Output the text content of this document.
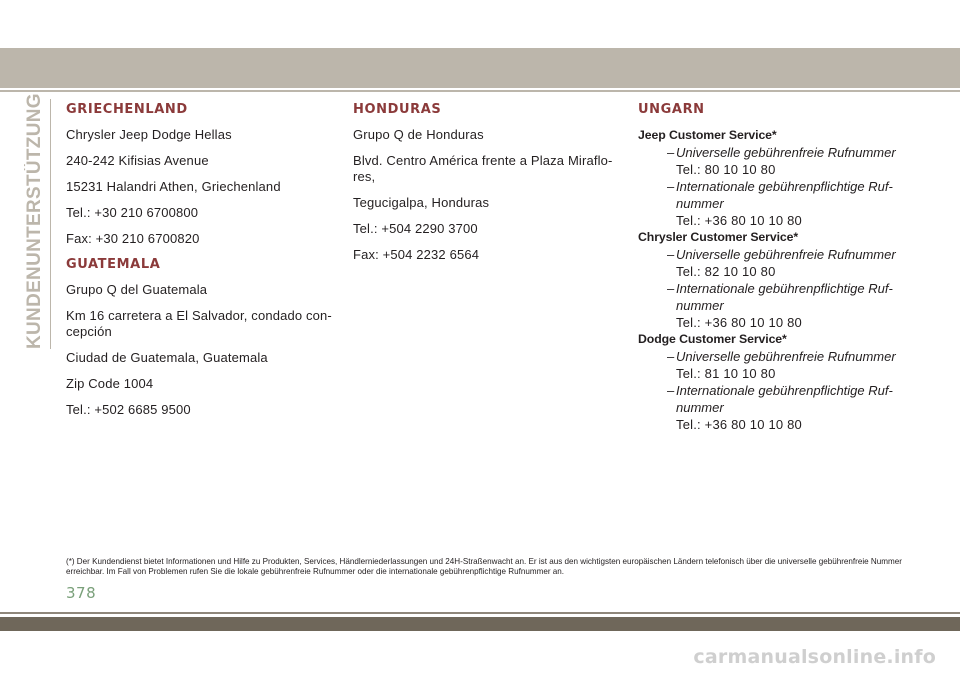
KUNDENUNTERSTÜTZUNG	GRIECHENLAND
Chrysler Jeep Dodge Hellas
240-242 Kifisias Avenue
15231 Halandri Athen, Griechenland
Tel.: +30 210 6700800
Fax: +30 210 6700820
GUATEMALA
Grupo Q del Guatemala
Km 16 carretera a El Salvador, condado con-cepción
Ciudad de Guatemala, Guatemala
Zip Code 1004
Tel.: +502 6685 9500
HONDURAS
Grupo Q de Honduras
Blvd. Centro América frente a Plaza Miraflo-res,
Tegucigalpa, Honduras
Tel.: +504 2290 3700
Fax: +504 2232 6564
UNGARN
Jeep Customer Service*
– Universelle gebührenfreie Rufnummer
Tel.: 80 10 10 80
– Internationale gebührenpflichtige Ruf-nummer
Tel.: +36 80 10 10 80
Chrysler Customer Service*
– Universelle gebührenfreie Rufnummer
Tel.: 82 10 10 80
– Internationale gebührenpflichtige Ruf-nummer
Tel.: +36 80 10 10 80
Dodge Customer Service*
– Universelle gebührenfreie Rufnummer
Tel.: 81 10 10 80
– Internationale gebührenpflichtige Ruf-nummer
Tel.: +36 80 10 10 80
(*) Der Kundendienst bietet Informationen und Hilfe zu Produkten, Services, Händlerniederlassungen und 24H-Straßenwacht an. Er ist aus den wichtigsten europäischen Ländern telefonisch über die universelle gebührenfreie Nummer erreichbar. Im Fall von Problemen rufen Sie die lokale gebührenfreie Rufnummer oder die internationale gebührenpflichtige Rufnummer an.
378
carmanualsonline.info
